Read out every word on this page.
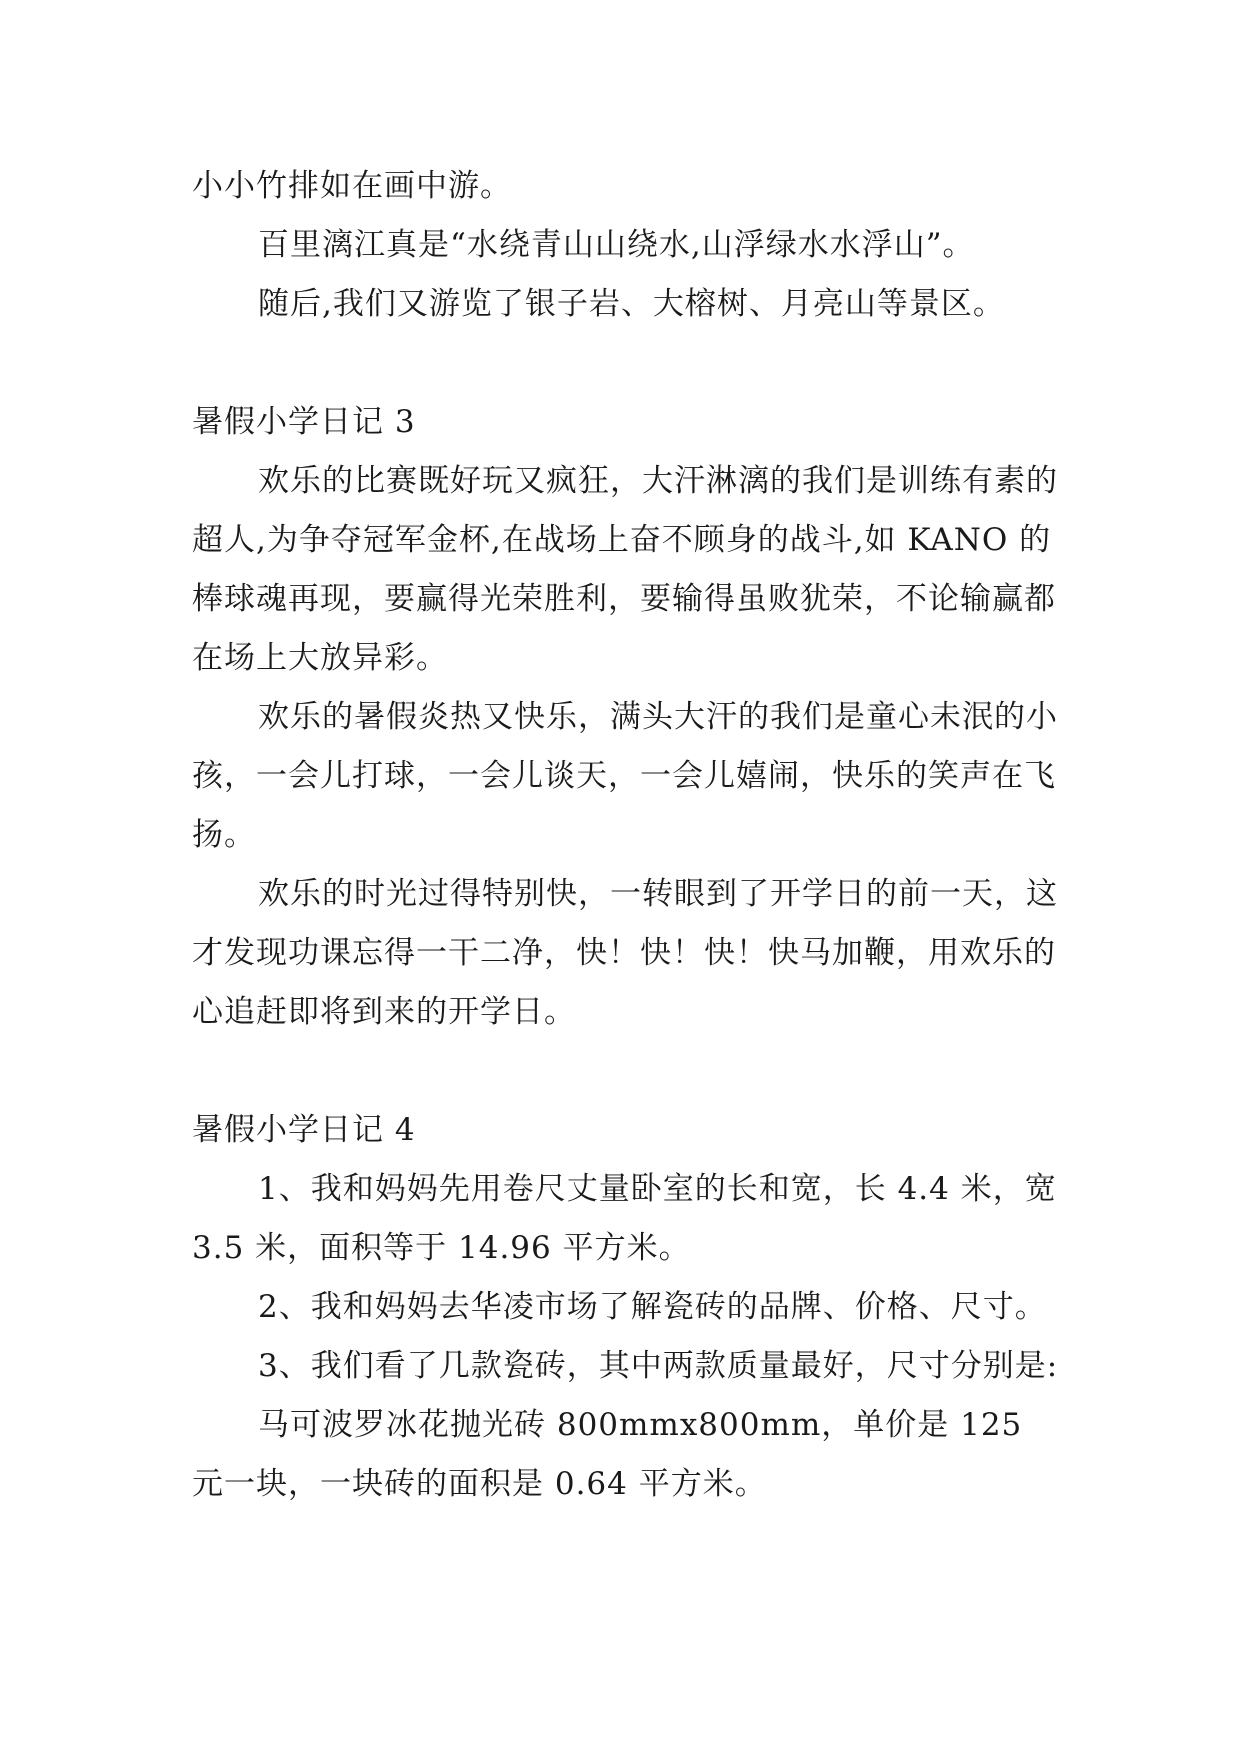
小小竹排如在画中游。

百里漓江真是“水绕青山山绕水,山浮绿水水浮山”。

随后,我们又游览了银子岩、大榕树、月亮山等景区。

暑假小学日记 3

欢乐的比赛既好玩又疯狂，大汗淋漓的我们是训练有素的超人,为争夺冠军金杯,在战场上奋不顾身的战斗,如 KANO 的棒球魂再现，要赢得光荣胜利，要输得虽败犹荣，不论输赢都在场上大放异彩。

欢乐的暑假炎热又快乐，满头大汗的我们是童心未泯的小孩，一会儿打球，一会儿谈天，一会儿嬉闹，快乐的笑声在飞扬。

欢乐的时光过得特别快，一转眼到了开学日的前一天，这才发现功课忘得一干二净，快！快！快！快马加鞭，用欢乐的心追赶即将到来的开学日。

暑假小学日记 4

1、我和妈妈先用卷尺丈量卧室的长和宽，长 4.4 米，宽 3.5 米，面积等于 14.96 平方米。

2、我和妈妈去华凌市场了解瓷砖的品牌、价格、尺寸。

3、我们看了几款瓷砖，其中两款质量最好，尺寸分别是:

马可波罗冰花抛光砖 800mmx800mm，单价是 125 元一块，一块砖的面积是 0.64 平方米。
